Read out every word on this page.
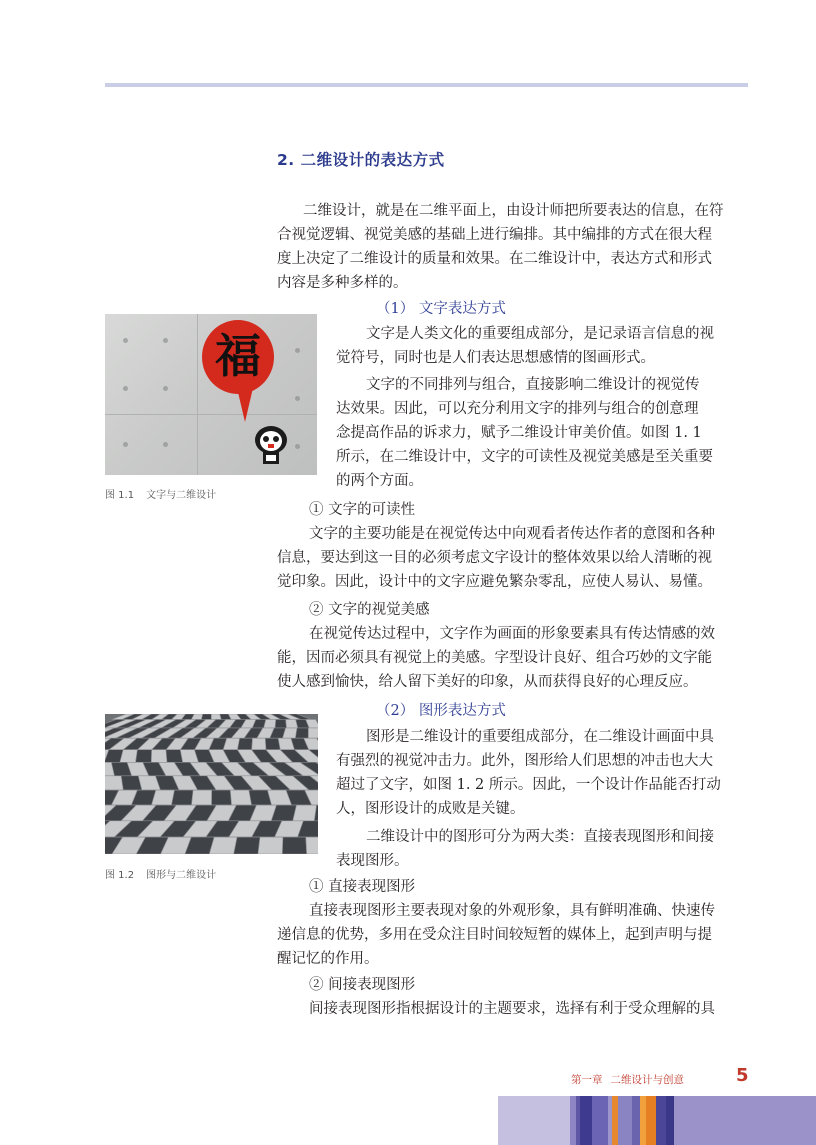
2. 二维设计的表达方式
二维设计，就是在二维平面上，由设计师把所要表达的信息，在符
合视觉逻辑、视觉美感的基础上进行编排。其中编排的方式在很大程
度上决定了二维设计的质量和效果。在二维设计中，表达方式和形式
内容是多种多样的。
福
图 1.1 文字与二维设计
（1） 文字表达方式
文字是人类文化的重要组成部分，是记录语言信息的视
觉符号，同时也是人们表达思想感情的图画形式。
文字的不同排列与组合，直接影响二维设计的视觉传
达效果。因此，可以充分利用文字的排列与组合的创意理
念提高作品的诉求力，赋予二维设计审美价值。如图 1. 1
所示，在二维设计中，文字的可读性及视觉美感是至关重要
的两个方面。
① 文字的可读性
文字的主要功能是在视觉传达中向观看者传达作者的意图和各种
信息，要达到这一目的必须考虑文字设计的整体效果以给人清晰的视
觉印象。因此，设计中的文字应避免繁杂零乱，应使人易认、易懂。
② 文字的视觉美感
在视觉传达过程中，文字作为画面的形象要素具有传达情感的效
能，因而必须具有视觉上的美感。字型设计良好、组合巧妙的文字能
使人感到愉快，给人留下美好的印象，从而获得良好的心理反应。
图 1.2 图形与二维设计
（2） 图形表达方式
图形是二维设计的重要组成部分，在二维设计画面中具
有强烈的视觉冲击力。此外，图形给人们思想的冲击也大大
超过了文字，如图 1. 2 所示。因此，一个设计作品能否打动
人，图形设计的成败是关键。
二维设计中的图形可分为两大类：直接表现图形和间接
表现图形。
① 直接表现图形
直接表现图形主要表现对象的外观形象，具有鲜明准确、快速传
递信息的优势，多用在受众注目时间较短暂的媒体上，起到声明与提
醒记忆的作用。
② 间接表现图形
间接表现图形指根据设计的主题要求，选择有利于受众理解的具
第一章 二维设计与创意	5
